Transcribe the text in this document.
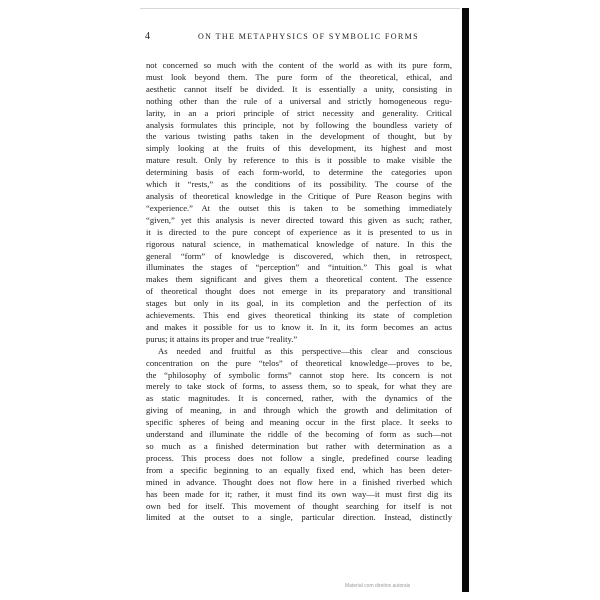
4	ON THE METAPHYSICS OF SYMBOLIC FORMS

not concerned so much with the content of the world as with its pure form,
must look beyond them. The pure form of the theoretical, ethical, and
aesthetic cannot itself be divided. It is essentially a unity, consisting in
nothing other than the rule of a universal and strictly homogeneous regu-
larity, in an a priori principle of strict necessity and generality. Critical
analysis formulates this principle, not by following the boundless variety of
the various twisting paths taken in the development of thought, but by
simply looking at the fruits of this development, its highest and most
mature result. Only by reference to this is it possible to make visible the
determining basis of each form-world, to determine the categories upon
which it “rests,” as the conditions of its possibility. The course of the
analysis of theoretical knowledge in the Critique of Pure Reason begins with
“experience.” At the outset this is taken to be something immediately
“given,” yet this analysis is never directed toward this given as such; rather,
it is directed to the pure concept of experience as it is presented to us in
rigorous natural science, in mathematical knowledge of nature. In this the
general “form” of knowledge is discovered, which then, in retrospect,
illuminates the stages of “perception” and “intuition.” This goal is what
makes them significant and gives them a theoretical content. The essence
of theoretical thought does not emerge in its preparatory and transitional
stages but only in its goal, in its completion and the perfection of its
achievements. This end gives theoretical thinking its state of completion
and makes it possible for us to know it. In it, its form becomes an actus
purus; it attains its proper and true “reality.”

As needed and fruitful as this perspective—this clear and conscious
concentration on the pure “telos” of theoretical knowledge—proves to be,
the “philosophy of symbolic forms” cannot stop here. Its concern is not
merely to take stock of forms, to assess them, so to speak, for what they are
as static magnitudes. It is concerned, rather, with the dynamics of the
giving of meaning, in and through which the growth and delimitation of
specific spheres of being and meaning occur in the first place. It seeks to
understand and illuminate the riddle of the becoming of form as such—not
so much as a finished determination but rather with determination as a
process. This process does not follow a single, predefined course leading
from a specific beginning to an equally fixed end, which has been deter-
mined in advance. Thought does not flow here in a finished riverbed which
has been made for it; rather, it must find its own way—it must first dig its
own bed for itself. This movement of thought searching for itself is not
limited at the outset to a single, particular direction. Instead, distinctly

Material com direitos autorais
